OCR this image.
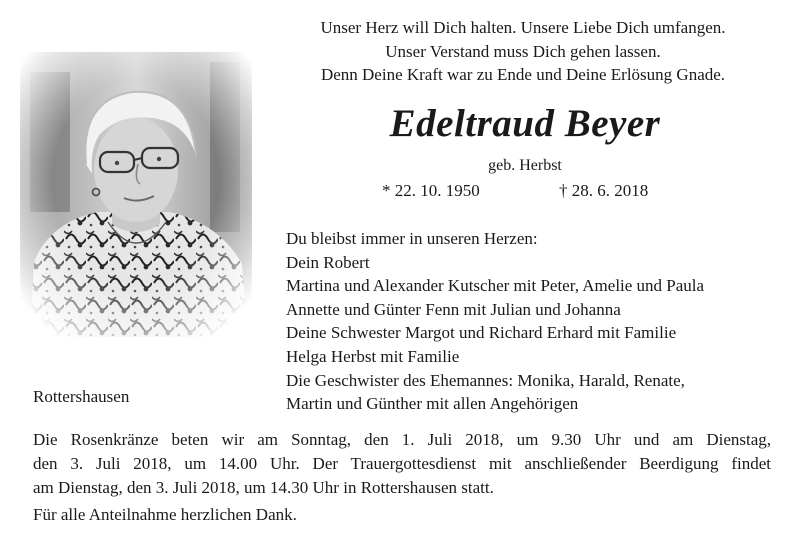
Unser Herz will Dich halten. Unsere Liebe Dich umfangen.
Unser Verstand muss Dich gehen lassen.
Denn Deine Kraft war zu Ende und Deine Erlösung Gnade.
Edeltraud Beyer
geb. Herbst
* 22. 10. 1950	† 28. 6. 2018
Du bleibst immer in unseren Herzen:
Dein Robert
Martina und Alexander Kutscher mit Peter, Amelie und Paula
Annette und Günter Fenn mit Julian und Johanna
Deine Schwester Margot und Richard Erhard mit Familie
Helga Herbst mit Familie
Die Geschwister des Ehemannes: Monika, Harald, Renate,
Martin und Günther mit allen Angehörigen
Rottershausen
Die Rosenkränze beten wir am Sonntag, den 1. Juli 2018, um 9.30 Uhr und am Dienstag,
den 3. Juli 2018, um 14.00 Uhr. Der Trauergottesdienst mit anschließender Beerdigung findet
am Dienstag, den 3. Juli 2018, um 14.30 Uhr in Rottershausen statt.
Für alle Anteilnahme herzlichen Dank.
